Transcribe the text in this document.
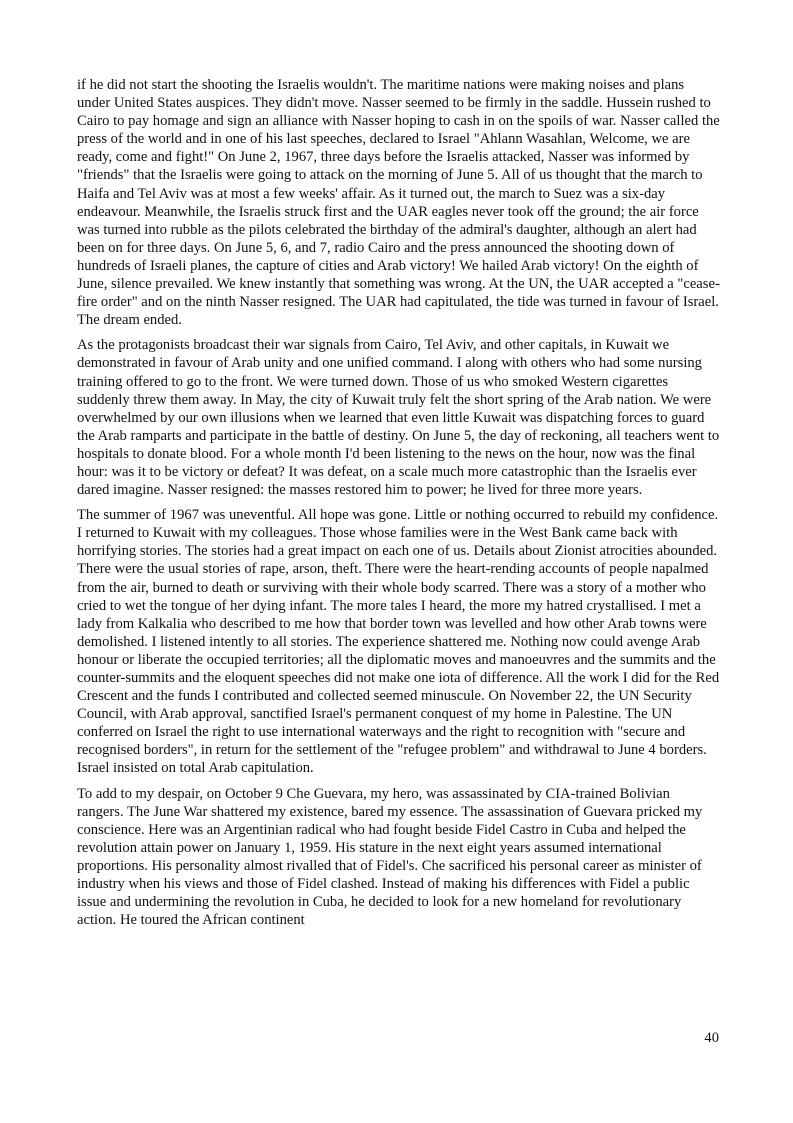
if he did not start the shooting the Israelis wouldn't. The maritime nations were making noises and plans under United States auspices. They didn't move. Nasser seemed to be firmly in the saddle. Hussein rushed to Cairo to pay homage and sign an alliance with Nasser hoping to cash in on the spoils of war. Nasser called the press of the world and in one of his last speeches, declared to Israel "Ahlann Wasahlan, Welcome, we are ready, come and fight!" On June 2, 1967, three days before the Israelis attacked, Nasser was informed by "friends" that the Israelis were going to attack on the morning of June 5. All of us thought that the march to Haifa and Tel Aviv was at most a few weeks' affair. As it turned out, the march to Suez was a six-day endeavour. Meanwhile, the Israelis struck first and the UAR eagles never took off the ground; the air force was turned into rubble as the pilots celebrated the birthday of the admiral's daughter, although an alert had been on for three days. On June 5, 6, and 7, radio Cairo and the press announced the shooting down of hundreds of Israeli planes, the capture of cities and Arab victory! We hailed Arab victory! On the eighth of June, silence prevailed. We knew instantly that something was wrong. At the UN, the UAR accepted a "cease-fire order" and on the ninth Nasser resigned. The UAR had capitulated, the tide was turned in favour of Israel. The dream ended.

As the protagonists broadcast their war signals from Cairo, Tel Aviv, and other capitals, in Kuwait we demonstrated in favour of Arab unity and one unified command. I along with others who had some nursing training offered to go to the front. We were turned down. Those of us who smoked Western cigarettes suddenly threw them away. In May, the city of Kuwait truly felt the short spring of the Arab nation. We were overwhelmed by our own illusions when we learned that even little Kuwait was dispatching forces to guard the Arab ramparts and participate in the battle of destiny. On June 5, the day of reckoning, all teachers went to hospitals to donate blood. For a whole month I'd been listening to the news on the hour, now was the final hour: was it to be victory or defeat? It was defeat, on a scale much more catastrophic than the Israelis ever dared imagine. Nasser resigned: the masses restored him to power; he lived for three more years.

The summer of 1967 was uneventful. All hope was gone. Little or nothing occurred to rebuild my confidence. I returned to Kuwait with my colleagues. Those whose families were in the West Bank came back with horrifying stories. The stories had a great impact on each one of us. Details about Zionist atrocities abounded. There were the usual stories of rape, arson, theft. There were the heart-rending accounts of people napalmed from the air, burned to death or surviving with their whole body scarred. There was a story of a mother who cried to wet the tongue of her dying infant. The more tales I heard, the more my hatred crystallised. I met a lady from Kalkalia who described to me how that border town was levelled and how other Arab towns were demolished. I listened intently to all stories. The experience shattered me. Nothing now could avenge Arab honour or liberate the occupied territories; all the diplomatic moves and manoeuvres and the summits and the counter-summits and the eloquent speeches did not make one iota of difference. All the work I did for the Red Crescent and the funds I contributed and collected seemed minuscule. On November 22, the UN Security Council, with Arab approval, sanctified Israel's permanent conquest of my home in Palestine. The UN conferred on Israel the right to use international waterways and the right to recognition with "secure and recognised borders", in return for the settlement of the "refugee problem" and withdrawal to June 4 borders. Israel insisted on total Arab capitulation.

To add to my despair, on October 9 Che Guevara, my hero, was assassinated by CIA-trained Bolivian rangers. The June War shattered my existence, bared my essence. The assassination of Guevara pricked my conscience. Here was an Argentinian radical who had fought beside Fidel Castro in Cuba and helped the revolution attain power on January 1, 1959. His stature in the next eight years assumed international proportions. His personality almost rivalled that of Fidel's. Che sacrificed his personal career as minister of industry when his views and those of Fidel clashed. Instead of making his differences with Fidel a public issue and undermining the revolution in Cuba, he decided to look for a new homeland for revolutionary action. He toured the African continent

40
